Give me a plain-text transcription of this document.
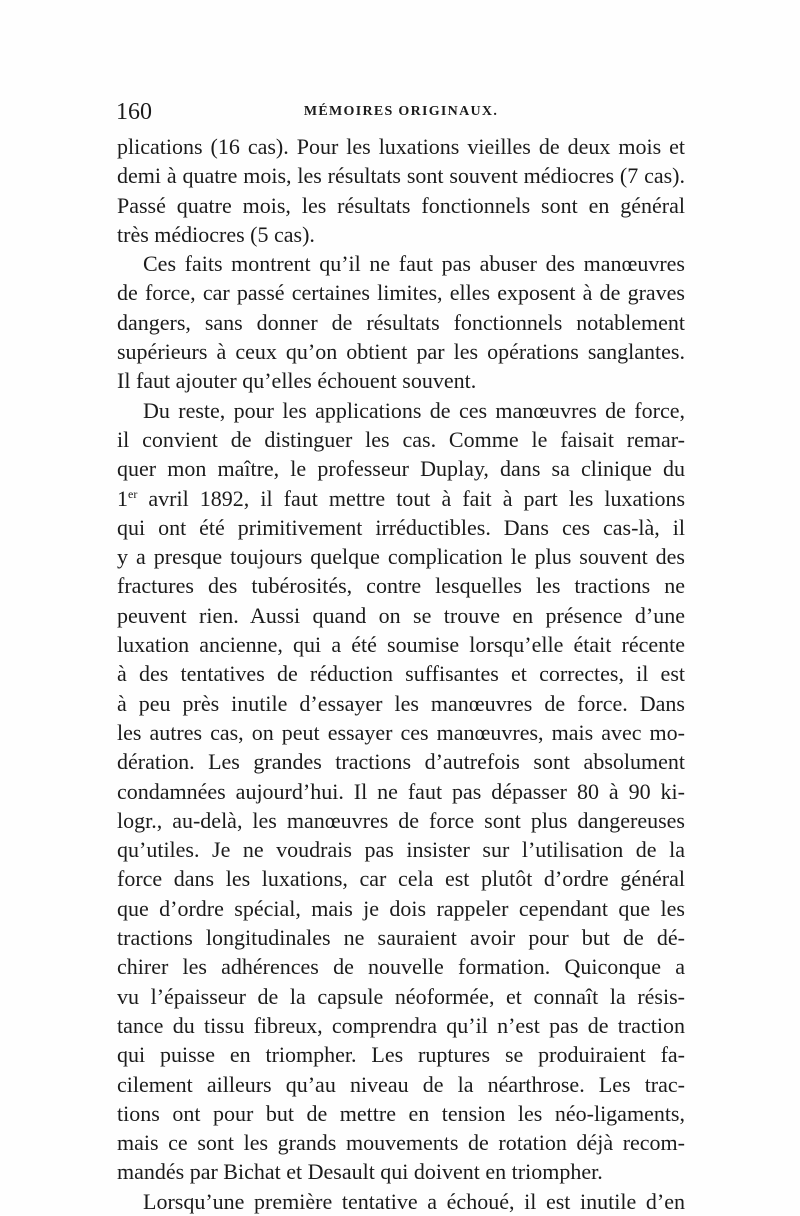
160	MÉMOIRES ORIGINAUX.
plications (16 cas). Pour les luxations vieilles de deux mois et
demi à quatre mois, les résultats sont souvent médiocres (7 cas).
Passé quatre mois, les résultats fonctionnels sont en général
très médiocres (5 cas).
Ces faits montrent qu’il ne faut pas abuser des manœuvres
de force, car passé certaines limites, elles exposent à de graves
dangers, sans donner de résultats fonctionnels notablement
supérieurs à ceux qu’on obtient par les opérations sanglantes.
Il faut ajouter qu’elles échouent souvent.
Du reste, pour les applications de ces manœuvres de force,
il convient de distinguer les cas. Comme le faisait remar-
quer mon maître, le professeur Duplay, dans sa clinique du
1er avril 1892, il faut mettre tout à fait à part les luxations
qui ont été primitivement irréductibles. Dans ces cas-là, il
y a presque toujours quelque complication le plus souvent des
fractures des tubérosités, contre lesquelles les tractions ne
peuvent rien. Aussi quand on se trouve en présence d’une
luxation ancienne, qui a été soumise lorsqu’elle était récente
à des tentatives de réduction suffisantes et correctes, il est
à peu près inutile d’essayer les manœuvres de force. Dans
les autres cas, on peut essayer ces manœuvres, mais avec mo-
dération. Les grandes tractions d’autrefois sont absolument
condamnées aujourd’hui. Il ne faut pas dépasser 80 à 90 ki-
logr., au-delà, les manœuvres de force sont plus dangereuses
qu’utiles. Je ne voudrais pas insister sur l’utilisation de la
force dans les luxations, car cela est plutôt d’ordre général
que d’ordre spécial, mais je dois rappeler cependant que les
tractions longitudinales ne sauraient avoir pour but de dé-
chirer les adhérences de nouvelle formation. Quiconque a
vu l’épaisseur de la capsule néoformée, et connaît la résis-
tance du tissu fibreux, comprendra qu’il n’est pas de traction
qui puisse en triompher. Les ruptures se produiraient fa-
cilement ailleurs qu’au niveau de la néarthrose. Les trac-
tions ont pour but de mettre en tension les néo-ligaments,
mais ce sont les grands mouvements de rotation déjà recom-
mandés par Bichat et Desault qui doivent en triompher.
Lorsqu’une première tentative a échoué, il est inutile d’en
